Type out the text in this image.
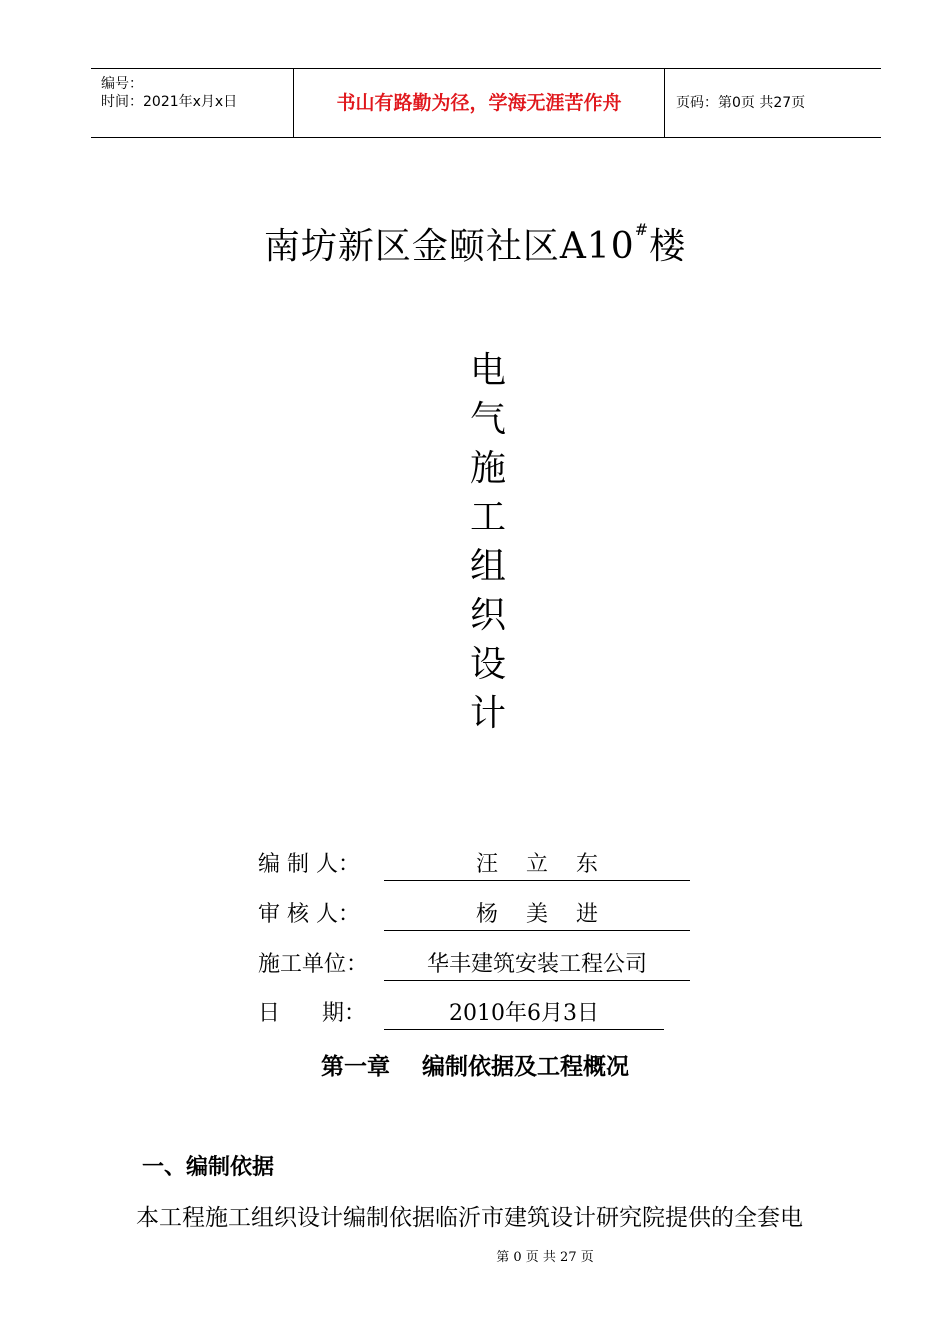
编号：
时间：2021年x月x日	书山有路勤为径，学海无涯苦作舟	页码：第0页 共27页
南坊新区金颐社区A10#楼
电
气
施
工
组
织
设
计
编 制 人：	汪    立    东
审 核 人：	杨    美    进
施工单位：	华丰建筑安装工程公司
日      期：	2010年6月3日
第一章    编制依据及工程概况
一、编制依据
本工程施工组织设计编制依据临沂市建筑设计研究院提供的全套电
第 0 页 共 27 页
